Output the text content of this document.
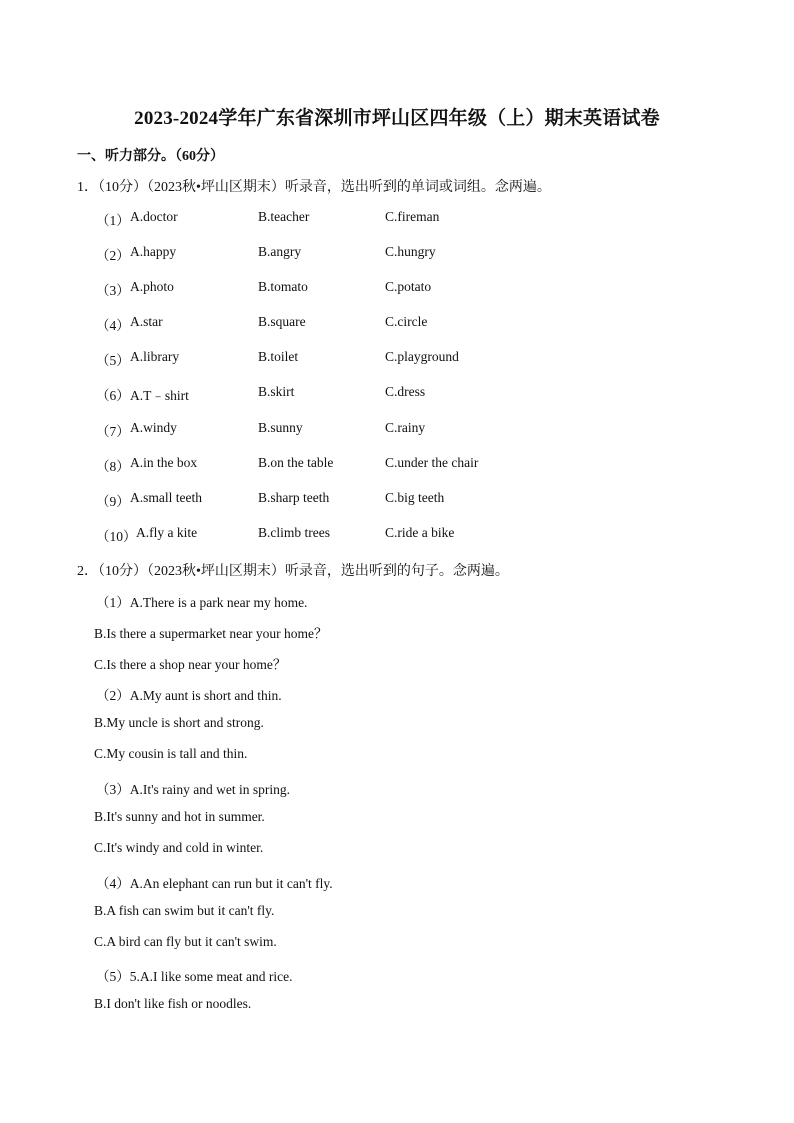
2023-2024学年广东省深圳市坪山区四年级（上）期末英语试卷
一、听力部分。（60分）
1．（10分）（2023秋•坪山区期末）听录音，选出听到的单词或词组。念两遍。
（1） A.doctor	B.teacher	C.fireman
（2） A.happy	B.angry	C.hungry
（3） A.photo	B.tomato	C.potato
（4） A.star	B.square	C.circle
（5） A.library	B.toilet	C.playground
（6） A.T﹣shirt	B.skirt	C.dress
（7） A.windy	B.sunny	C.rainy
（8） A.in the box	B.on the table	C.under the chair
（9） A.small teeth	B.sharp teeth	C.big teeth
（10） A.fly a kite	B.climb trees	C.ride a bike
2．（10分）（2023秋•坪山区期末）听录音，选出听到的句子。念两遍。
（1）A.There is a park near my home.
B.Is there a supermarket near your home？
C.Is there a shop near your home？
（2）A.My aunt is short and thin.
B.My uncle is short and strong.
C.My cousin is tall and thin.
（3）A.It's rainy and wet in spring.
B.It's sunny and hot in summer.
C.It's windy and cold in winter.
（4）A.An elephant can run but it can't fly.
B.A fish can swim but it can't fly.
C.A bird can fly but it can't swim.
（5）5.A.I like some meat and rice.
B.I don't like fish or noodles.
